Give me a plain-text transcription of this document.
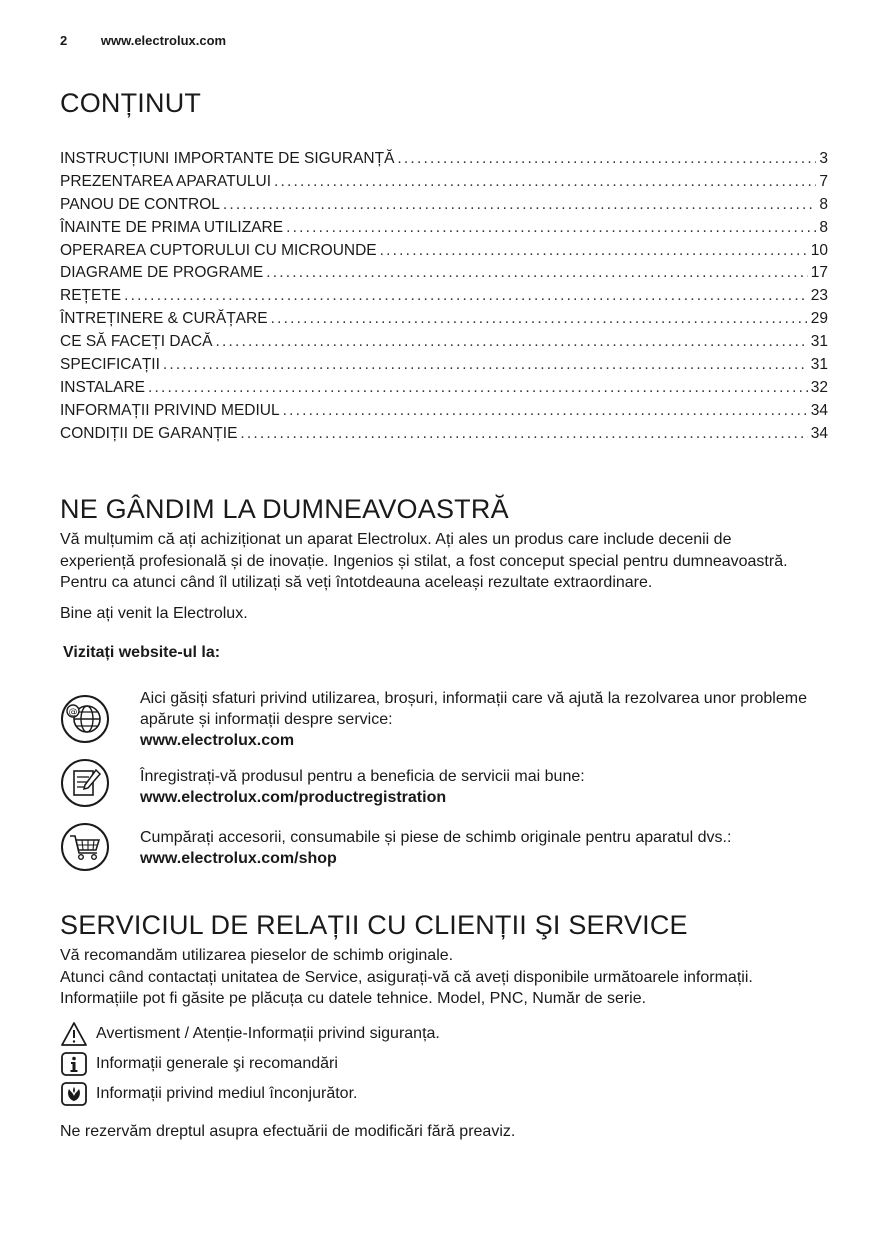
2	www.electrolux.com
CONȚINUT
INSTRUCȚIUNI IMPORTANTE DE SIGURANȚĂ .....	3
PREZENTAREA APARATULUI .....	7
PANOU DE CONTROL .....	8
ÎNAINTE DE PRIMA UTILIZARE .....	8
OPERAREA CUPTORULUI CU MICROUNDE .....	10
DIAGRAME DE PROGRAME .....	17
REȚETE .....	23
ÎNTREȚINERE & CURĂȚARE .....	29
CE SĂ FACEȚI DACĂ .....	31
SPECIFICAȚII .....	31
INSTALARE .....	32
INFORMAȚII PRIVIND MEDIUL .....	34
CONDIȚII DE GARANȚIE .....	34
NE GÂNDIM LA DUMNEAVOASTRĂ
Vă mulțumim că ați achiziționat un aparat Electrolux. Ați ales un produs care include decenii de
experiență profesională și de inovație. Ingenios și stilat, a fost conceput special pentru dumneavoastră.
Pentru ca atunci când îl utilizați să veți întotdeauna aceleași rezultate extraordinare.
Bine ați venit la Electrolux.
Vizitați website-ul la:
@
Aici găsiți sfaturi privind utilizarea, broșuri, informații care vă ajută la rezolvarea unor probleme
apărute și informații despre service:
www.electrolux.com
Înregistrați-vă produsul pentru a beneficia de servicii mai bune:
www.electrolux.com/productregistration
Cumpărați accesorii, consumabile și piese de schimb originale pentru aparatul dvs.:
www.electrolux.com/shop
SERVICIUL DE RELAȚII CU CLIENȚII ŞI SERVICE
Vă recomandăm utilizarea pieselor de schimb originale.
Atunci când contactați unitatea de Service, asigurați-vă că aveți disponibile următoarele informații.
Informațiile pot fi găsite pe plăcuța cu datele tehnice. Model, PNC, Număr de serie.
Avertisment / Atenție-Informații privind siguranța.
Informații generale şi recomandări
Informații privind mediul înconjurător.
Ne rezervăm dreptul asupra efectuării de modificări fără preaviz.
